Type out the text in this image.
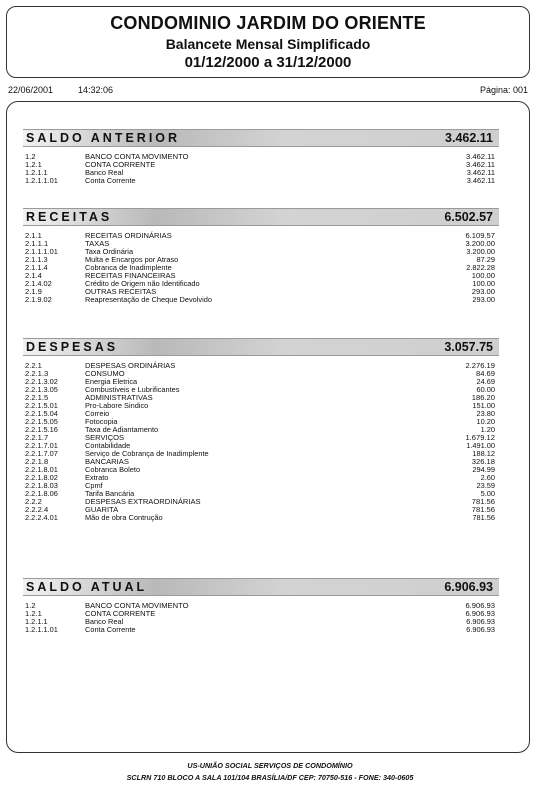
CONDOMINIO JARDIM DO ORIENTE
Balancete Mensal Simplificado
01/12/2000 a 31/12/2000
22/06/2001	14:32:06	Página: 001
SALDO ANTERIOR	3.462.11
1.2	BANCO CONTA MOVIMENTO	3.462.11
1.2.1	CONTA CORRENTE	3.462.11
1.2.1.1	Banco Real	3.462.11
1.2.1.1.01	Conta Corrente	3.462.11
RECEITAS	6.502.57
2.1.1	RECEITAS ORDINÁRIAS	6.109.57
2.1.1.1	TAXAS	3.200.00
2.1.1.1.01	Taxa Ordinária	3.200.00
2.1.1.3	Multa e Encargos por Atraso	87.29
2.1.1.4	Cobranca de Inadimplente	2.822.28
2.1.4	RECEITAS FINANCEIRAS	100.00
2.1.4.02	Crédito de Origem não Identificado	100.00
2.1.9	OUTRAS RECEITAS	293.00
2.1.9.02	Reapresentação de Cheque Devolvido	293.00
DESPESAS	3.057.75
2.2.1	DESPESAS ORDINÁRIAS	2.276.19
2.2.1.3	CONSUMO	84.69
2.2.1.3.02	Energia Eletrica	24.69
2.2.1.3.05	Combustiveis e Lubrificantes	60.00
2.2.1.5	ADMINISTRATIVAS	186.20
2.2.1.5.01	Pro-Labore Sindico	151.00
2.2.1.5.04	Correio	23.80
2.2.1.5.05	Fotocopia	10.20
2.2.1.5.16	Taxa de Adiantamento	1.20
2.2.1.7	SERVIÇOS	1.679.12
2.2.1.7.01	Contabilidade	1.491.00
2.2.1.7.07	Serviço de Cobrança de Inadimplente	188.12
2.2.1.8	BANCARIAS	326.18
2.2.1.8.01	Cobranca Boleto	294.99
2.2.1.8.02	Extrato	2.60
2.2.1.8.03	Cpmf	23.59
2.2.1.8.06	Tarifa Bancária	5.00
2.2.2	DESPESAS EXTRAORDINÁRIAS	781.56
2.2.2.4	GUARITA	781.56
2.2.2.4.01	Mão de obra Contrução	781.56
SALDO ATUAL	6.906.93
1.2	BANCO CONTA MOVIMENTO	6.906.93
1.2.1	CONTA CORRENTE	6.906.93
1.2.1.1	Banco Real	6.906.93
1.2.1.1.01	Conta Corrente	6.906.93
US-UNIÃO SOCIAL SERVIÇOS DE CONDOMÍNIO
SCLRN 710 BLOCO A SALA 101/104 BRASÍLIA/DF CEP: 70750-516 - FONE: 340-0605
